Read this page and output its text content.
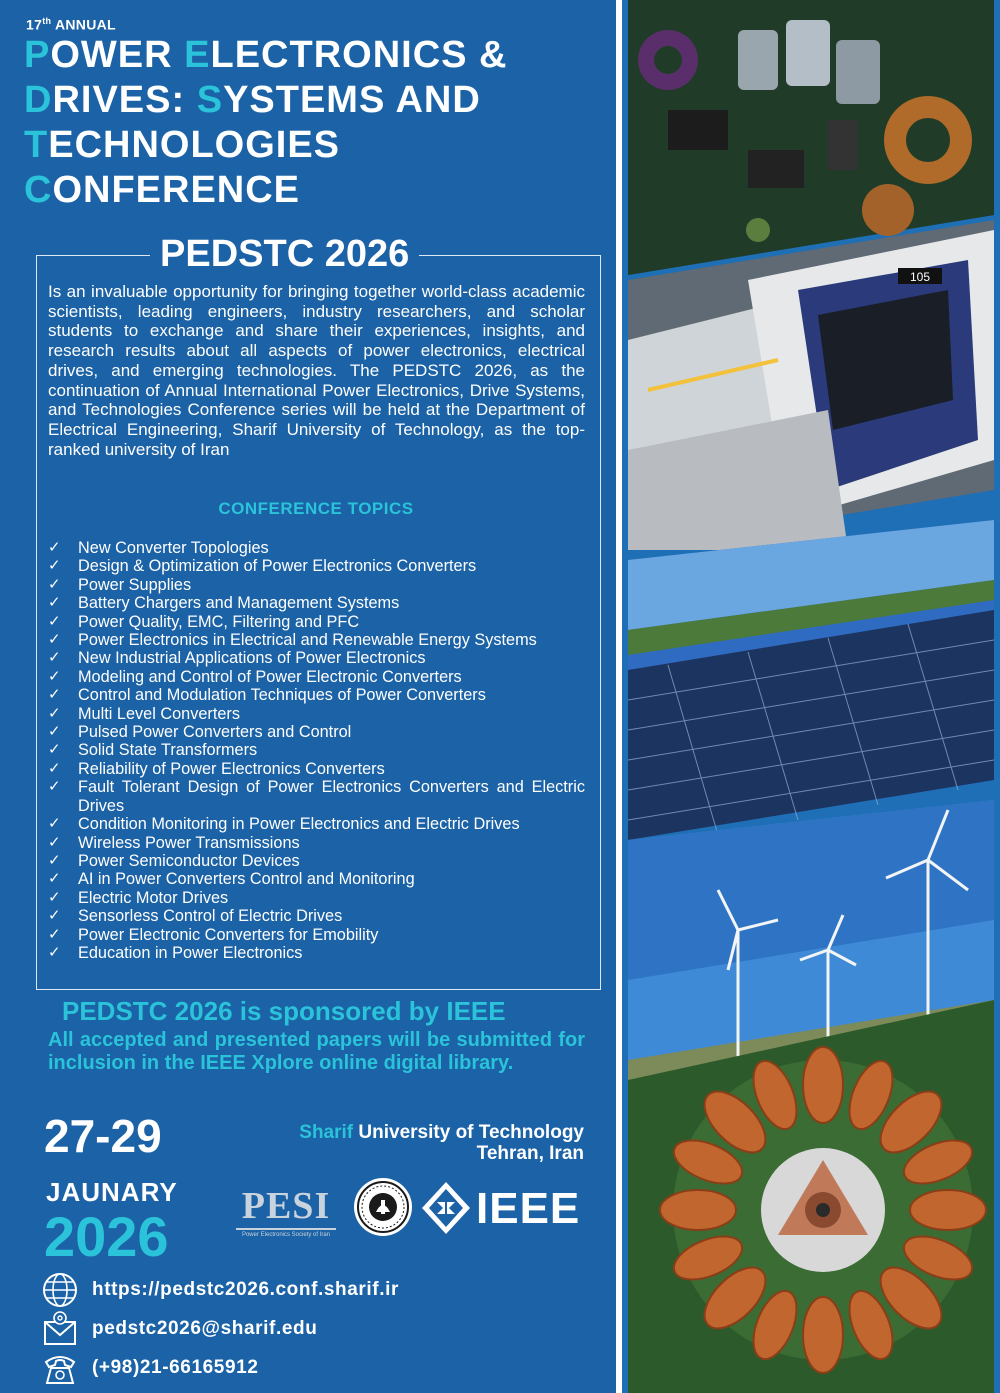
17th ANNUAL
POWER ELECTRONICS &
DRIVES: SYSTEMS AND
TECHNOLOGIES
CONFERENCE
PEDSTC 2026

Is an invaluable opportunity for bringing together world-class academic scientists, leading engineers, industry researchers, and scholar students to exchange and share their experiences, insights, and research results about all aspects of power electronics, electrical drives, and emerging technologies. The PEDSTC 2026, as the continuation of Annual International Power Electronics, Drive Systems, and Technologies Conference series will be held at the Department of Electrical Engineering, Sharif University of Technology, as the top-ranked university of Iran

CONFERENCE TOPICS
✓ New Converter Topologies
✓ Design & Optimization of Power Electronics Converters
✓ Power Supplies
✓ Battery Chargers and Management Systems
✓ Power Quality, EMC, Filtering and PFC
✓ Power Electronics in Electrical and Renewable Energy Systems
✓ New Industrial Applications of Power Electronics
✓ Modeling and Control of Power Electronic Converters
✓ Control and Modulation Techniques of Power Converters
✓ Multi Level Converters
✓ Pulsed Power Converters and Control
✓ Solid State Transformers
✓ Reliability of Power Electronics Converters
✓ Fault Tolerant Design of Power Electronics Converters and Electric Drives
✓ Condition Monitoring in Power Electronics and Electric Drives
✓ Wireless Power Transmissions
✓ Power Semiconductor Devices
✓ AI in Power Converters Control and Monitoring
✓ Electric Motor Drives
✓ Sensorless Control of Electric Drives
✓ Power Electronic Converters for Emobility
✓ Education in Power Electronics
PEDSTC 2026 is sponsored by IEEE

All accepted and presented papers will be submitted for inclusion in the IEEE Xplore online digital library.

27-29
JAUNARY
2026
Sharif University of Technology
Tehran, Iran
PESI
Power Electronics Society of Iran
IEEE
https://pedstc2026.conf.sharif.ir
pedstc2026@sharif.edu
(+98)21-66165912
105
